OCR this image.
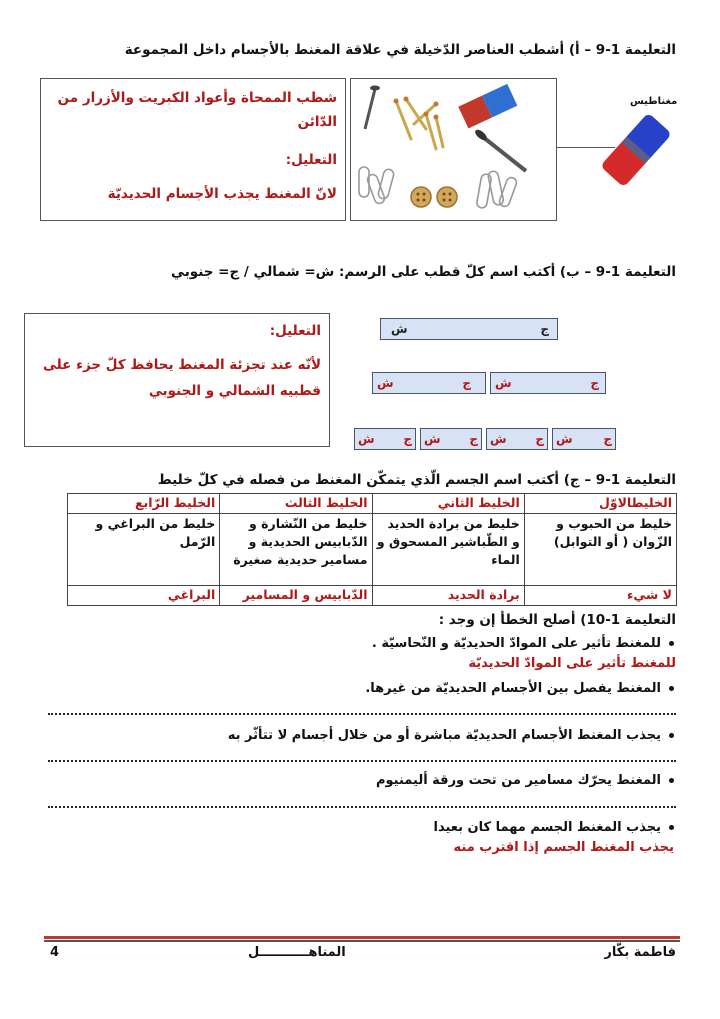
التعليمة 1-9 – أ) أشطب العناصر الدّخيلة في علاقة المغنط بالأجسام داخل المجموعة
شطب الممحاة وأعواد الكبريت والأزرار من الدّائن
التعليل:
لانّ المغنط يجذب الأجسام الحديديّة
مغناطيس
التعليمة 1-9 – ب) أكتب اسم كلّ قطب على الرسم: ش= شمالي / ج= جنوبي
التعليل:
لأنّه عند تجزئة المغنط يحافظ كلّ جزء على قطبيه الشمالي و الجنوبي
ج
ش
ج
ش
ج
ش
ج
ش
ج
ش
ج
ش
ج
ش
التعليمة 1-9 – ج) أكتب اسم الجسم الّذي يتمكّن المغنط من فصله في كلّ خليط
الخليطالاوّل	الخليط الثاني	الخليط الثالث	الخليط الرّابع
خليط من الحبوب و الزّوان ( أو التوابل)	خليط من برادة الحديد و الطّباشير المسحوق و الماء	خليط من النّشارة و الدّبابيس الحديدية و مسامير حديدية صغيرة	خليط من البراغي و الرّمل
لا شيء	برادة الحديد	الدّبابيس و المسامير	البراغي
التعليمة 1-10) أصلح الخطأ إن وجد :
للمغنط تأثير على الموادّ الحديديّة و النّحاسيّة .
للمغنط تأثير على الموادّ الحديديّة
المغنط يفصل بين الأجسام الحديديّة من غيرها.
يجذب المغنط الأجسام الحديديّة مباشرة أو من خلال أجسام لا تتأثّر به
المغنط يحرّك مسامير من تحت ورقة أليمنيوم
يجذب المغنط الجسم مهما كان بعيدا
يجذب المغنط الجسم إذا اقترب منه
فاطمة بكّار
المناهـــــــــــل
4
